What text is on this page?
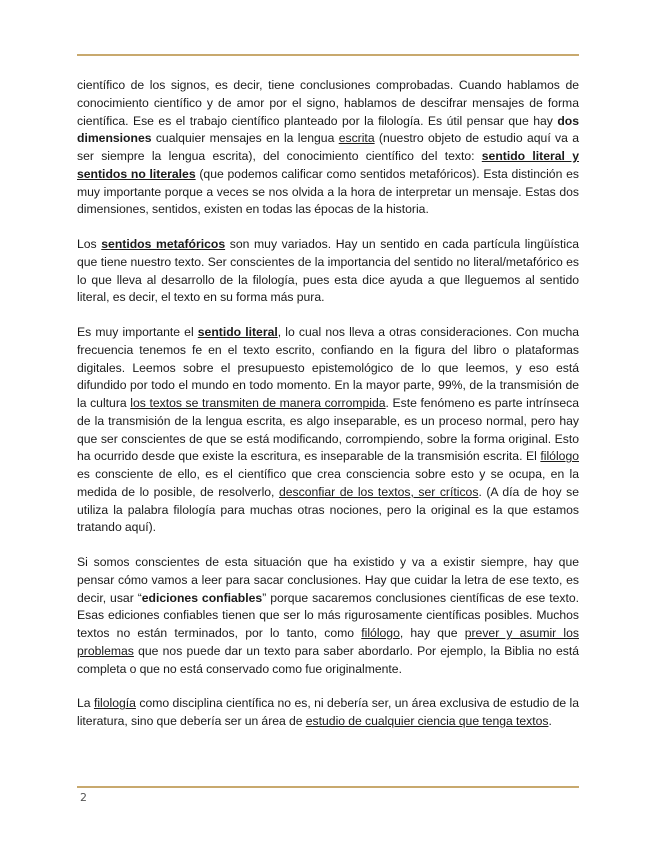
científico de los signos, es decir, tiene conclusiones comprobadas. Cuando hablamos de conocimiento científico y de amor por el signo, hablamos de descifrar mensajes de forma científica. Ese es el trabajo científico planteado por la filología. Es útil pensar que hay dos dimensiones cualquier mensajes en la lengua escrita (nuestro objeto de estudio aquí va a ser siempre la lengua escrita), del conocimiento científico del texto: sentido literal y sentidos no literales (que podemos calificar como sentidos metafóricos). Esta distinción es muy importante porque a veces se nos olvida a la hora de interpretar un mensaje. Estas dos dimensiones, sentidos, existen en todas las épocas de la historia.

Los sentidos metafóricos son muy variados. Hay un sentido en cada partícula lingüística que tiene nuestro texto. Ser conscientes de la importancia del sentido no literal/metafórico es lo que lleva al desarrollo de la filología, pues esta dice ayuda a que lleguemos al sentido literal, es decir, el texto en su forma más pura.

Es muy importante el sentido literal, lo cual nos lleva a otras consideraciones. Con mucha frecuencia tenemos fe en el texto escrito, confiando en la figura del libro o plataformas digitales. Leemos sobre el presupuesto epistemológico de lo que leemos, y eso está difundido por todo el mundo en todo momento. En la mayor parte, 99%, de la transmisión de la cultura los textos se transmiten de manera corrompida. Este fenómeno es parte intrínseca de la transmisión de la lengua escrita, es algo inseparable, es un proceso normal, pero hay que ser conscientes de que se está modificando, corrompiendo, sobre la forma original. Esto ha ocurrido desde que existe la escritura, es inseparable de la transmisión escrita. El filólogo es consciente de ello, es el científico que crea consciencia sobre esto y se ocupa, en la medida de lo posible, de resolverlo, desconfiar de los textos, ser críticos. (A día de hoy se utiliza la palabra filología para muchas otras nociones, pero la original es la que estamos tratando aquí).

Si somos conscientes de esta situación que ha existido y va a existir siempre, hay que pensar cómo vamos a leer para sacar conclusiones. Hay que cuidar la letra de ese texto, es decir, usar “ediciones confiables” porque sacaremos conclusiones científicas de ese texto. Esas ediciones confiables tienen que ser lo más rigurosamente científicas posibles. Muchos textos no están terminados, por lo tanto, como filólogo, hay que prever y asumir los problemas que nos puede dar un texto para saber abordarlo. Por ejemplo, la Biblia no está completa o que no está conservado como fue originalmente.

La filología como disciplina científica no es, ni debería ser, un área exclusiva de estudio de la literatura, sino que debería ser un área de estudio de cualquier ciencia que tenga textos.

2
